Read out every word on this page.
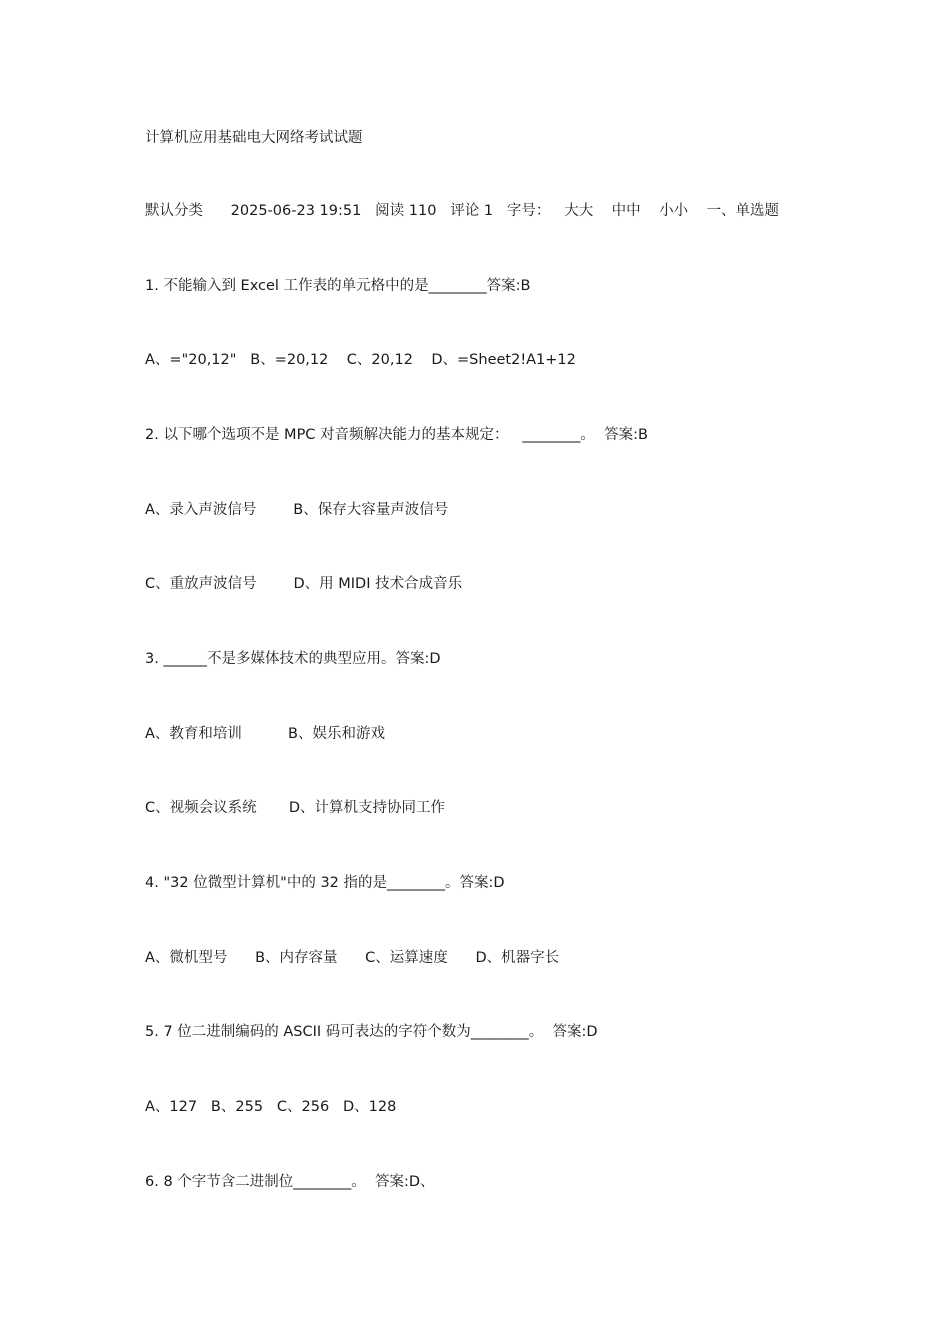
计算机应用基础电大网络考试试题
默认分类      2025-06-23 19:51   阅读 110   评论 1   字号：   大大    中中    小小    一、单选题
1. 不能输入到 Excel 工作表的单元格中的是________答案:B
A、="20,12"   B、=20,12    C、20,12    D、=Sheet2!A1+12
2. 以下哪个选项不是 MPC 对音频解决能力的基本规定：   ________。  答案:B
A、录入声波信号        B、保存大容量声波信号
C、重放声波信号        D、用 MIDI 技术合成音乐
3. ______不是多媒体技术的典型应用。答案:D
A、教育和培训          B、娱乐和游戏
C、视频会议系统       D、计算机支持协同工作
4. "32 位微型计算机"中的 32 指的是________。答案:D
A、微机型号      B、内存容量      C、运算速度      D、机器字长
5. 7 位二进制编码的 ASCII 码可表达的字符个数为________。  答案:D
A、127   B、255   C、256   D、128
6. 8 个字节含二进制位________。  答案:D、
